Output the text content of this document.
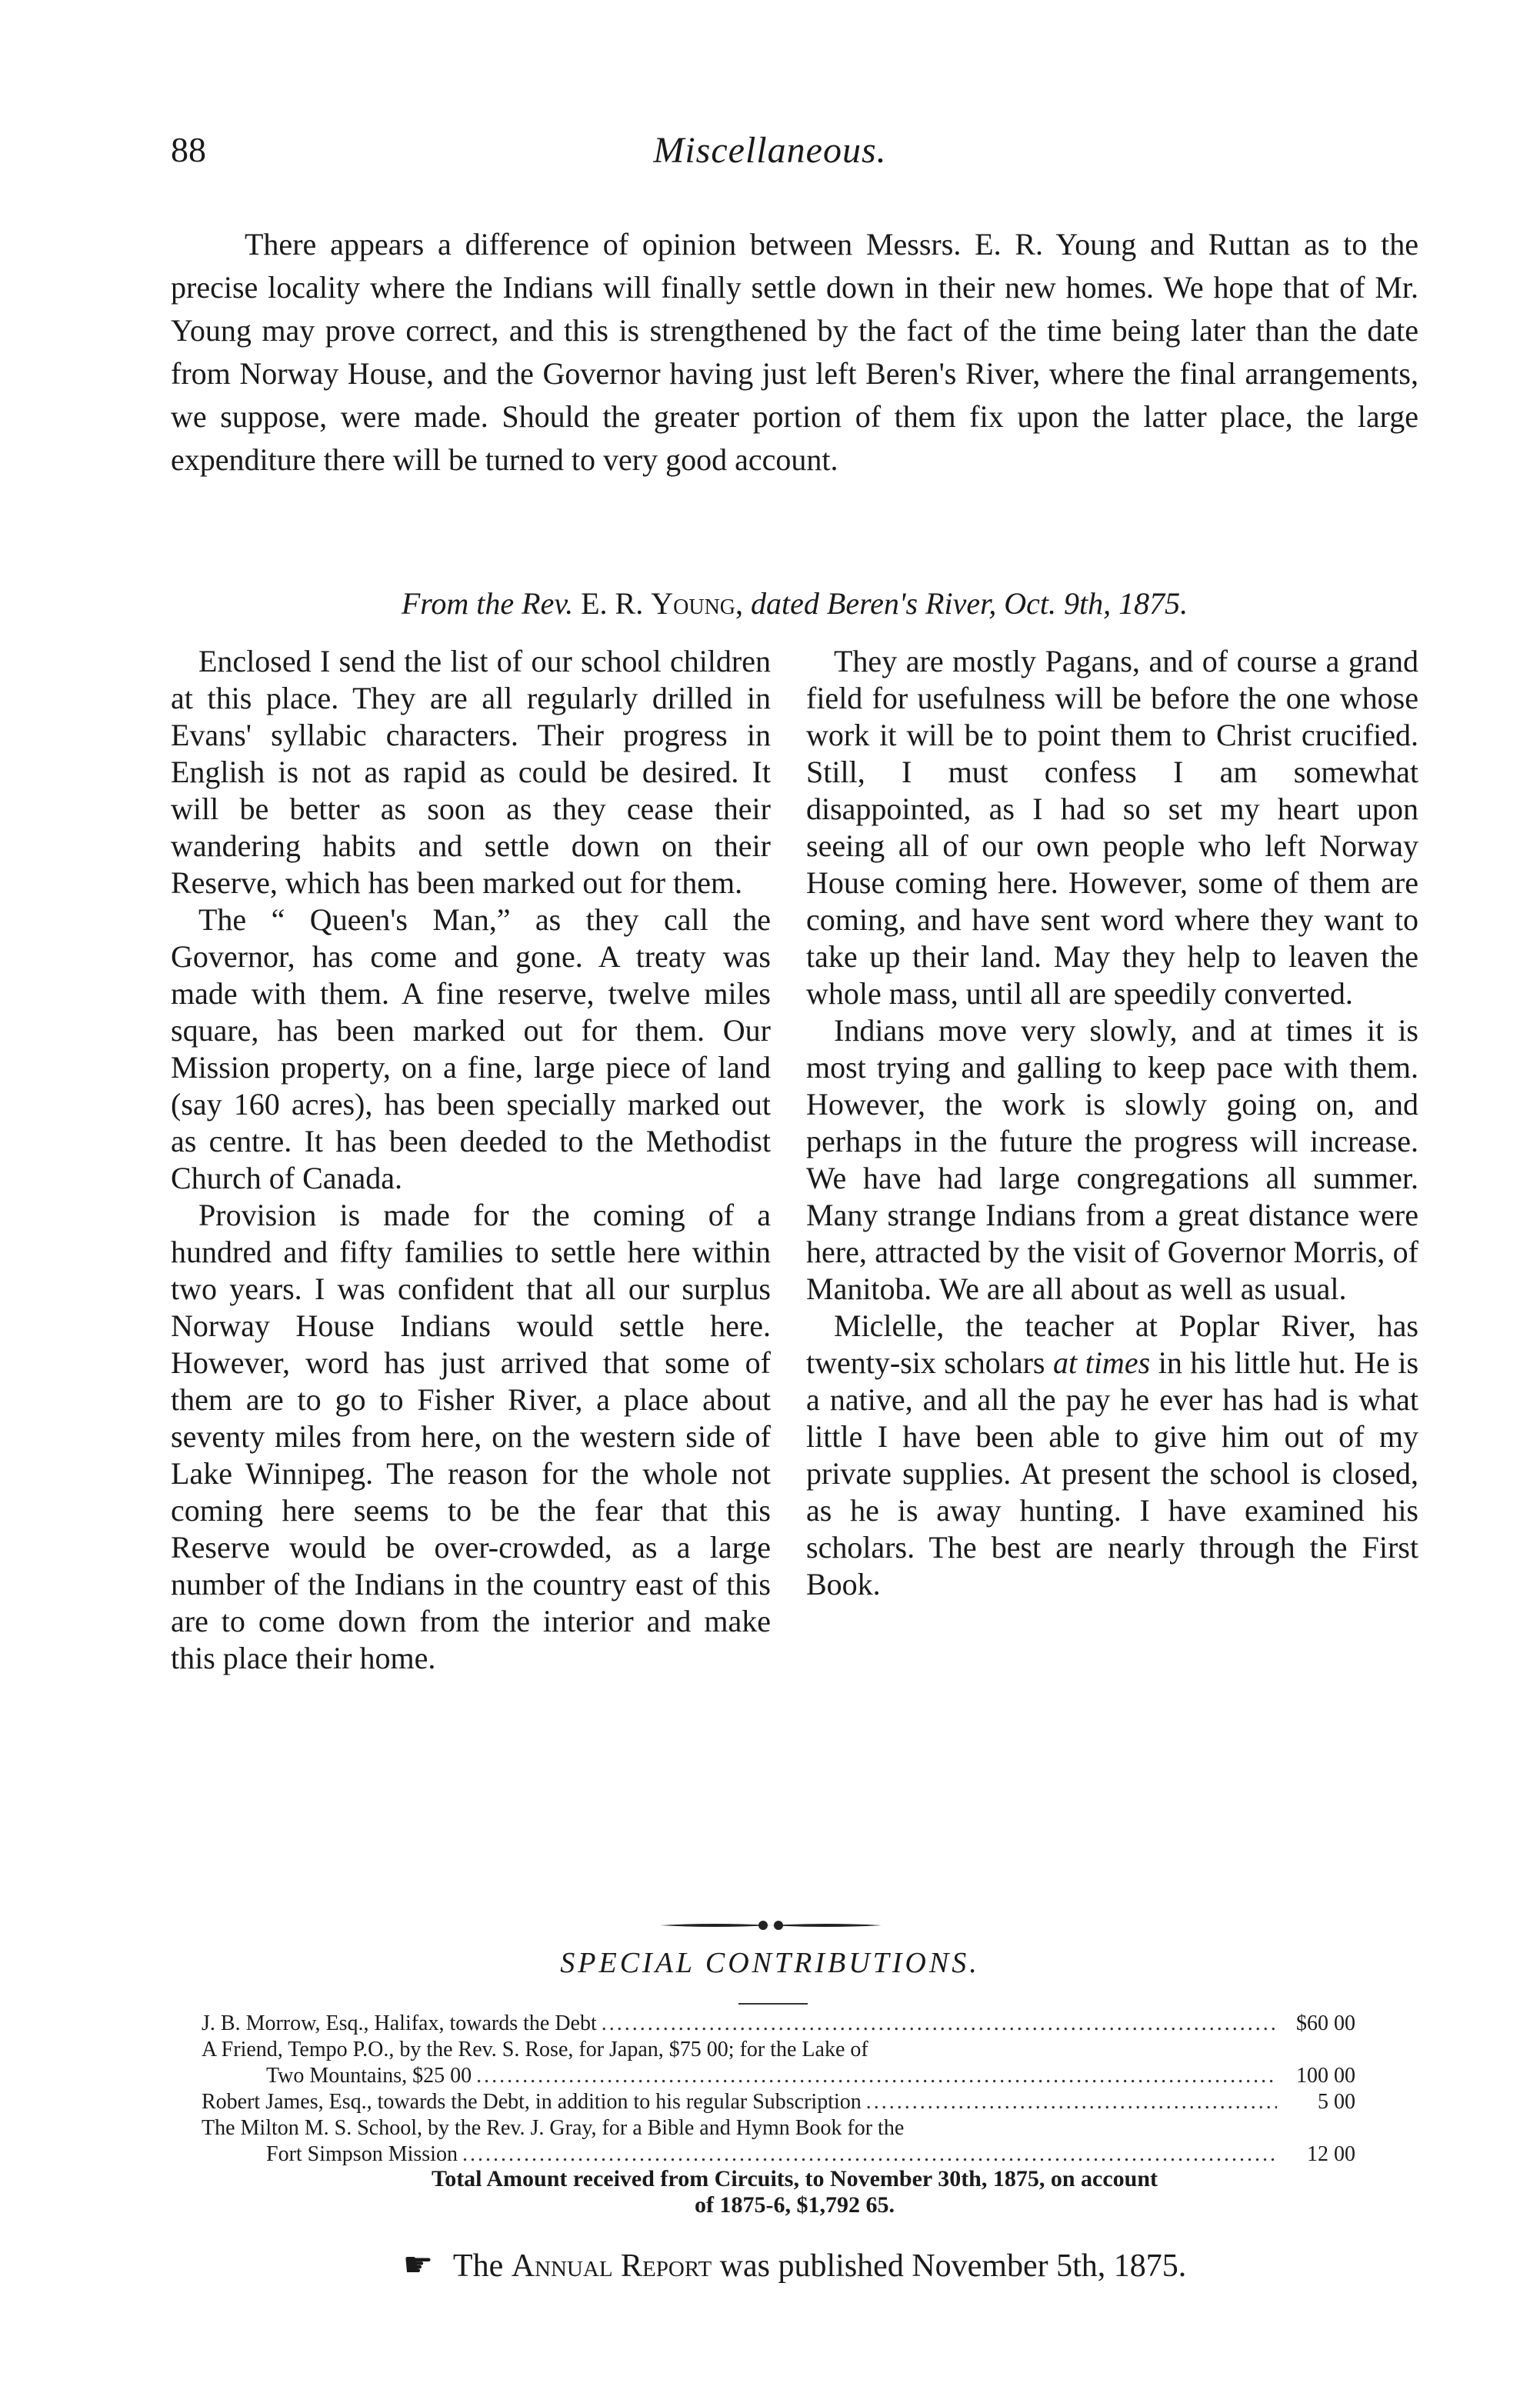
88	Miscellaneous.

There appears a difference of opinion between Messrs. E. R. Young and Ruttan as to the precise locality where the Indians will finally settle down in their new homes. We hope that of Mr. Young may prove correct, and this is strengthened by the fact of the time being later than the date from Norway House, and the Governor having just left Beren's River, where the final arrangements, we suppose, were made. Should the greater portion of them fix upon the latter place, the large expenditure there will be turned to very good account.

From the Rev. E. R. Young, dated Beren's River, Oct. 9th, 1875.

Enclosed I send the list of our school children at this place. They are all regularly drilled in Evans' syllabic characters. Their progress in English is not as rapid as could be desired. It will be better as soon as they cease their wandering habits and settle down on their Reserve, which has been marked out for them.

The “ Queen's Man,” as they call the Governor, has come and gone. A treaty was made with them. A fine reserve, twelve miles square, has been marked out for them. Our Mission property, on a fine, large piece of land (say 160 acres), has been specially marked out as centre. It has been deeded to the Methodist Church of Canada.

Provision is made for the coming of a hundred and fifty families to settle here within two years. I was confident that all our surplus Norway House Indians would settle here. However, word has just arrived that some of them are to go to Fisher River, a place about seventy miles from here, on the western side of Lake Winnipeg. The reason for the whole not coming here seems to be the fear that this Reserve would be over-crowded, as a large number of the Indians in the country east of this are to come down from the interior and make this place their home.

They are mostly Pagans, and of course a grand field for usefulness will be before the one whose work it will be to point them to Christ crucified. Still, I must confess I am somewhat disappointed, as I had so set my heart upon seeing all of our own people who left Norway House coming here. However, some of them are coming, and have sent word where they want to take up their land. May they help to leaven the whole mass, until all are speedily converted.

Indians move very slowly, and at times it is most trying and galling to keep pace with them. However, the work is slowly going on, and perhaps in the future the progress will increase. We have had large congregations all summer. Many strange Indians from a great distance were here, attracted by the visit of Governor Morris, of Manitoba. We are all about as well as usual.

Miclelle, the teacher at Poplar River, has twenty-six scholars at times in his little hut. He is a native, and all the pay he ever has had is what little I have been able to give him out of my private supplies. At present the school is closed, as he is away hunting. I have examined his scholars. The best are nearly through the First Book.

SPECIAL CONTRIBUTIONS.
J. B. Morrow, Esq., Halifax, towards the Debt . . .	$60 00
A Friend, Tempo P.O., by the Rev. S. Rose, for Japan, $75 00; for the Lake of
Two Mountains, $25 00 . . .	100 00
Robert James, Esq., towards the Debt, in addition to his regular Subscription . . .	5 00
The Milton M. S. School, by the Rev. J. Gray, for a Bible and Hymn Book for the
Fort Simpson Mission . . .	12 00
Total Amount received from Circuits, to November 30th, 1875, on account
of 1875-6, $1,792 65.
☛ The Annual Report was published November 5th, 1875.
